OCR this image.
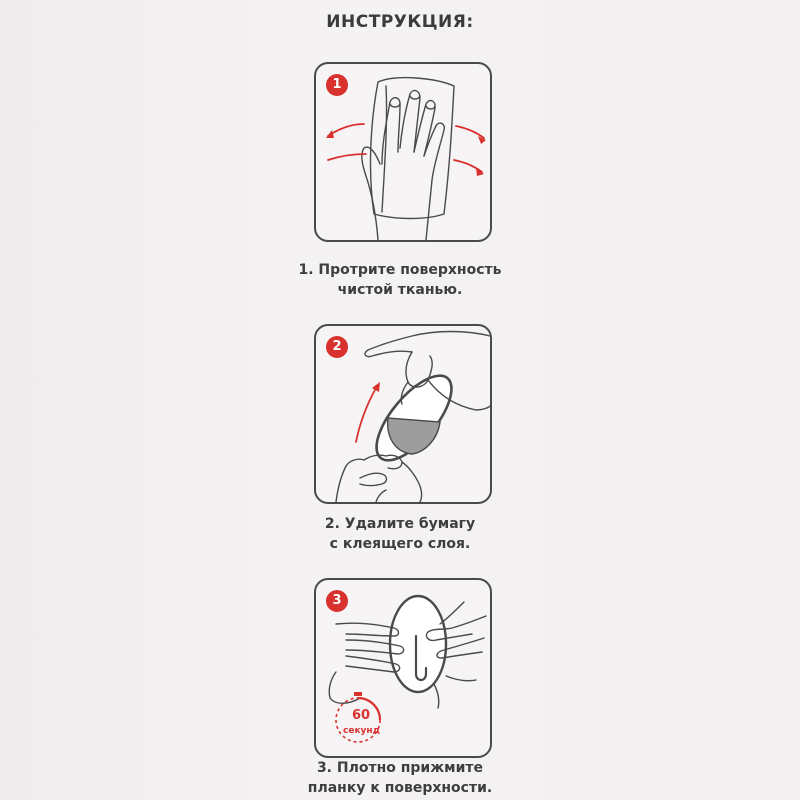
ИНСТРУКЦИЯ:
1
1. Протрите поверхность
чистой тканью.
2
2. Удалите бумагу
с клеящего слоя.
3
60
секунд
3. Плотно прижмите
планку к поверхности.
